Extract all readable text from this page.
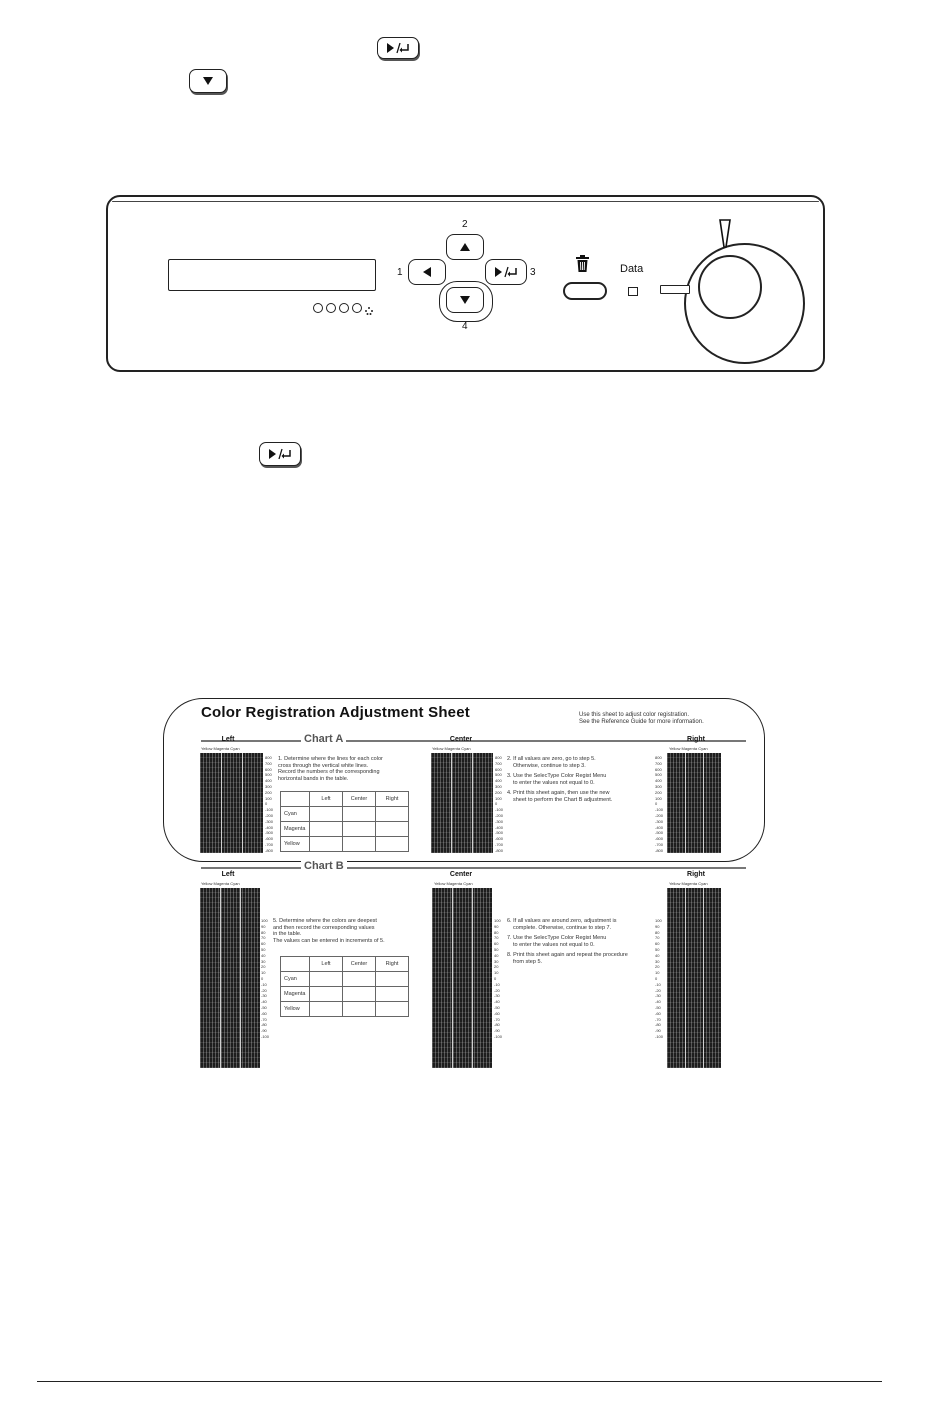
2
1	3
4
Data
Color Registration Adjustment Sheet	Use this sheet to adjust color registration.
See the Reference Guide for more information.
Chart A
Left
Yellow Magenta Cyan
800
700
600
500
400
300
200
100
0
-100
-200
-300
-400
-500
-600
-700
-800
1. Determine where the lines for each color
cross through the vertical white lines.
Record the numbers of the corresponding
horizontal bands in the table.
	Left	Center	Right
Cyan			
Magenta			
Yellow			
Center
Yellow Magenta Cyan
800
700
600
500
400
300
200
100
0
-100
-200
-300
-400
-500
-600
-700
-800
2. If all values are zero, go to step 5.
Otherwise, continue to step 3.
3. Use the SelecType Color Regist Menu
to enter the values not equal to 0.
4. Print this sheet again, then use the new
sheet to perform the Chart B adjustment.
Right
Yellow Magenta Cyan
800
700
600
500
400
300
200
100
0
-100
-200
-300
-400
-500
-600
-700
-800
Chart B
Left
Yellow Magenta Cyan
100
90
80
70
60
50
40
30
20
10
0
-10
-20
-30
-40
-50
-60
-70
-80
-90
-100
5. Determine where the colors are deepest
and then record the corresponding values
in the table.
The values can be entered in increments of 5.
	Left	Center	Right
Cyan			
Magenta			
Yellow			
Center
Yellow Magenta Cyan
100
90
80
70
60
50
40
30
20
10
0
-10
-20
-30
-40
-50
-60
-70
-80
-90
-100
6. If all values are around zero, adjustment is
complete. Otherwise, continue to step 7.
7. Use the SelecType Color Regist Menu
to enter the values not equal to 0.
8. Print this sheet again and repeat the procedure
from step 5.
Right
Yellow Magenta Cyan
100
90
80
70
60
50
40
30
20
10
0
-10
-20
-30
-40
-50
-60
-70
-80
-90
-100
